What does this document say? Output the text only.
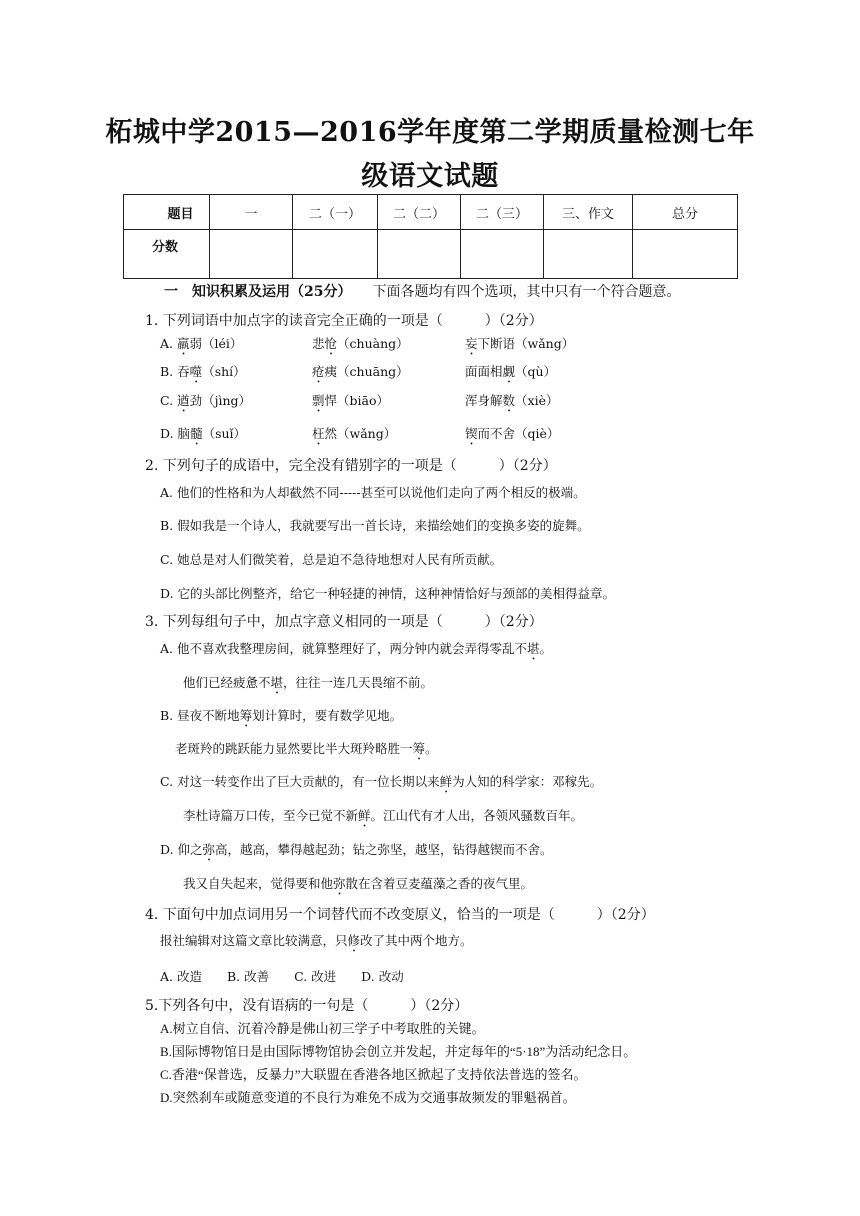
柘城中学2015—2016学年度第二学期质量检测七年
级语文试题
题目	一	二（一）	二（二）	二（三）	三、作文	总分
分数						
一　 知识积累及运用（25分）　　 下面各题均有四个选项，其中只有一个符合题意。
1. 下列词语中加点字的读音完全正确的一项是（　　　）（2分）
A. 羸弱（léi）	悲怆（chuàng）	妄下断语（wǎng）
B. 吞噬（shí）	疮痍（chuāng）	面面相觑（qù）
C. 遒劲（jìng）	剽悍（biāo）	浑身解数（xiè）
D. 脑髓（suǐ）	枉然（wǎng）	锲而不舍（qiè）
2. 下列句子的成语中，完全没有错别字的一项是（　　　）（2分）
A. 他们的性格和为人却截然不同-----甚至可以说他们走向了两个相反的极端。
B. 假如我是一个诗人，我就要写出一首长诗，来描绘她们的变换多姿的旋舞。
C. 她总是对人们微笑着，总是迫不急待地想对人民有所贡献。
D. 它的头部比例整齐，给它一种轻捷的神情，这种神情恰好与颈部的美相得益章。
3. 下列每组句子中，加点字意义相同的一项是（　　　）（2分）
A. 他不喜欢我整理房间，就算整理好了，两分钟内就会弄得零乱不堪。
他们已经疲惫不堪，往往一连几天畏缩不前。
B. 昼夜不断地筹划计算时，要有数学见地。
老斑羚的跳跃能力显然要比半大斑羚略胜一筹。
C. 对这一转变作出了巨大贡献的，有一位长期以来鲜为人知的科学家：邓稼先。
李杜诗篇万口传，至今已觉不新鲜。江山代有才人出，各领风骚数百年。
D. 仰之弥高，越高，攀得越起劲；钻之弥坚，越坚，钻得越锲而不舍。
我又自失起来，觉得要和他弥散在含着豆麦蕴藻之香的夜气里。
4. 下面句中加点词用另一个词替代而不改变原义，恰当的一项是（　　　）（2分）
报社编辑对这篇文章比较满意，只修改了其中两个地方。
A. 改造　　B. 改善　　C. 改进　　D. 改动
5.下列各句中，没有语病的一句是（　　　）（2分）
A.树立自信、沉着冷静是佛山初三学子中考取胜的关键。
B.国际博物馆日是由国际博物馆协会创立并发起，并定每年的“5·18”为活动纪念日。
C.香港“保普选，反暴力”大联盟在香港各地区掀起了支持依法普选的签名。
D.突然刹车或随意变道的不良行为难免不成为交通事故频发的罪魁祸首。
